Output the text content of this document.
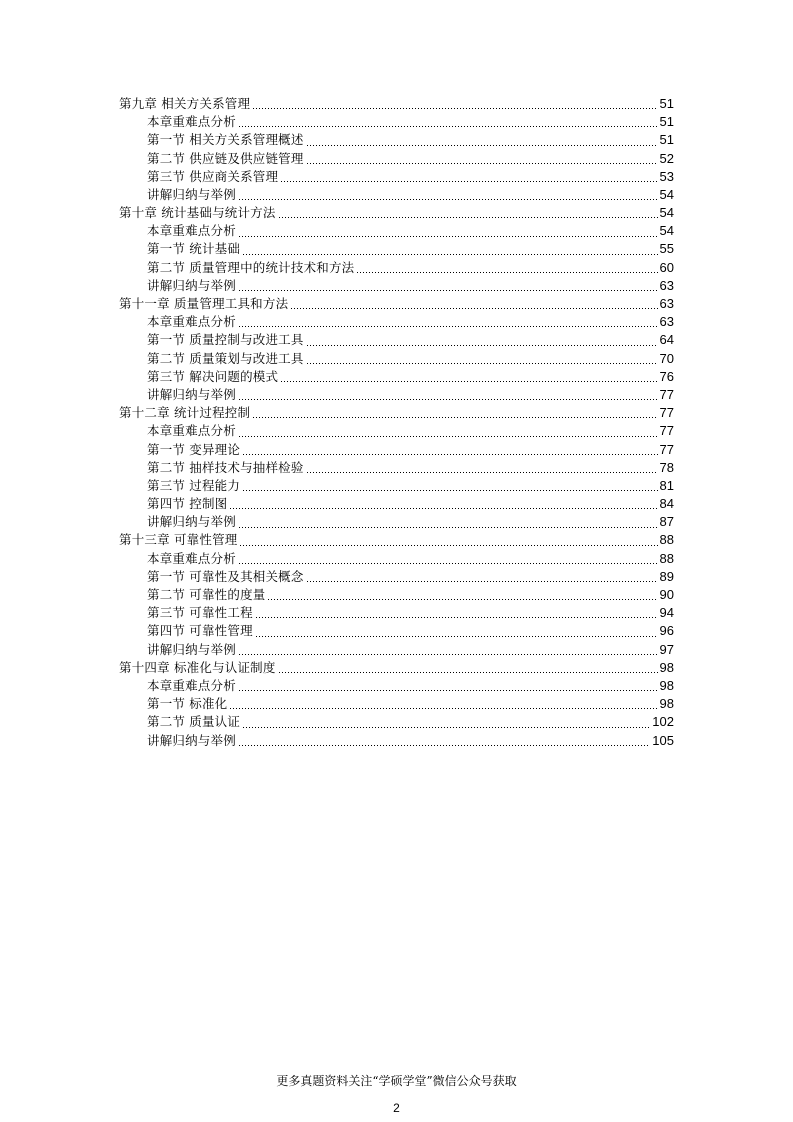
第九章 相关方关系管理	51
本章重难点分析	51
第一节 相关方关系管理概述	51
第二节 供应链及供应链管理	52
第三节 供应商关系管理	53
讲解归纳与举例	54
第十章 统计基础与统计方法	54
本章重难点分析	54
第一节 统计基础	55
第二节 质量管理中的统计技术和方法	60
讲解归纳与举例	63
第十一章 质量管理工具和方法	63
本章重难点分析	63
第一节 质量控制与改进工具	64
第二节 质量策划与改进工具	70
第三节 解决问题的模式	76
讲解归纳与举例	77
第十二章 统计过程控制	77
本章重难点分析	77
第一节 变异理论	77
第二节 抽样技术与抽样检验	78
第三节 过程能力	81
第四节 控制图	84
讲解归纳与举例	87
第十三章 可靠性管理	88
本章重难点分析	88
第一节 可靠性及其相关概念	89
第二节 可靠性的度量	90
第三节 可靠性工程	94
第四节 可靠性管理	96
讲解归纳与举例	97
第十四章 标准化与认证制度	98
本章重难点分析	98
第一节 标准化	98
第二节 质量认证	102
讲解归纳与举例	105
更多真题资料关注“学硕学堂”微信公众号获取
2
